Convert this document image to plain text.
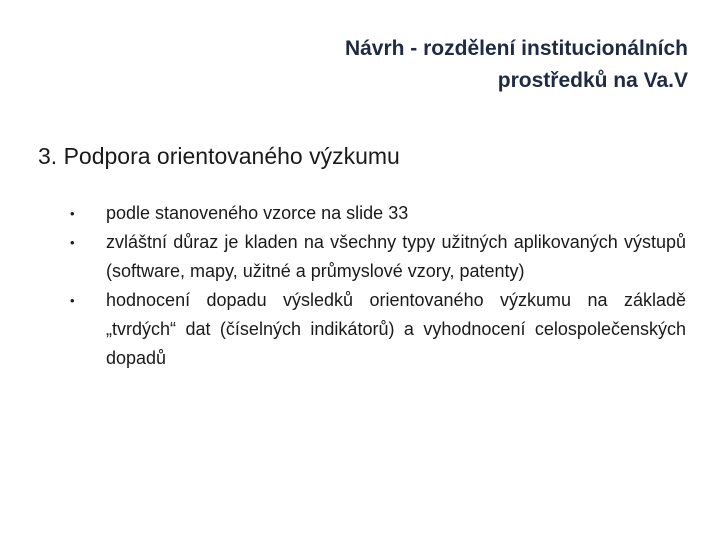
Návrh - rozdělení institucionálních
prostředků na Va.V
3. Podpora orientovaného výzkumu
•	podle stanoveného vzorce na slide 33
•	zvláštní důraz je kladen na všechny typy užitných aplikovaných výstupů (software, mapy, užitné a průmyslové vzory, patenty)
•	hodnocení dopadu výsledků orientovaného výzkumu na základě „tvrdých“ dat (číselných indikátorů) a vyhodnocení celospolečenských dopadů
